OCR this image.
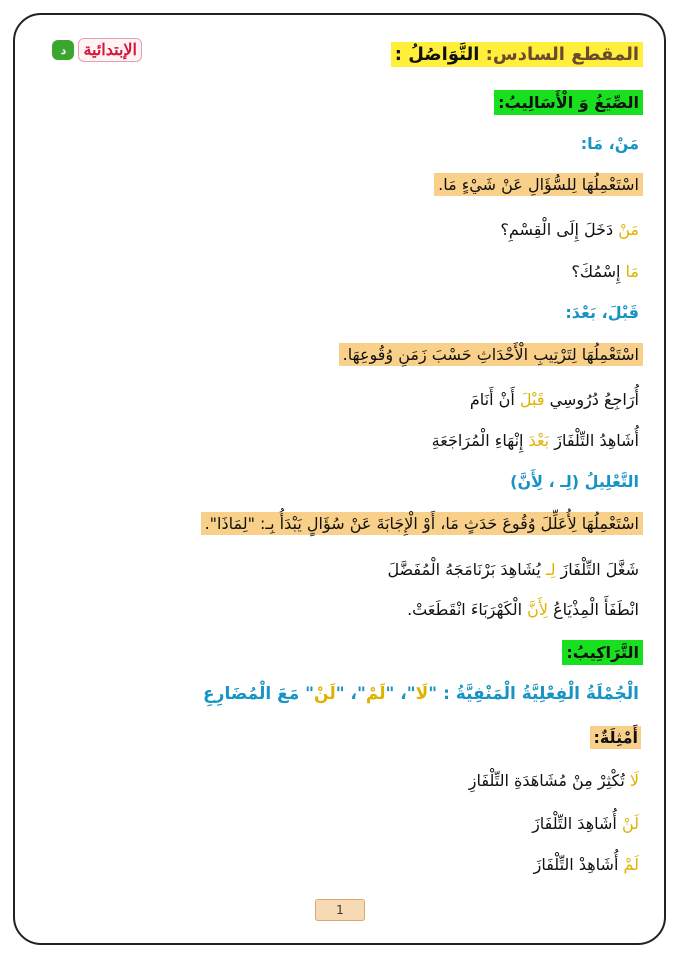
الإبتدائية
د	المقطع السادس: التَّوَاصُلُ :
الصِّيَغُ وَ الْأَسَالِيبُ:
مَنْ، مَا:
اسْتَعْمِلُهَا لِلسُّؤَالِ عَنْ شَيْءٍ مَا.
مَنْ دَخَلَ إِلَى الْقِسْمِ؟
مَا إِسْمُكَ؟
قَبْلَ، بَعْدَ:
اسْتَعْمِلُهَا لِتَرْتِيبِ الْأَحْدَاثِ حَسْبَ زَمَنِ وُقُوعِهَا.
أُرَاجِعُ دُرُوسِي قَبْلَ أَنْ أَنَامَ
أُشَاهِدُ التِّلْفَازَ بَعْدَ إِنْهَاءِ الْمُرَاجَعَةِ
التَّعْلِيلُ (لِـ ، لِأَنَّ)
اسْتَعْمِلُهَا لِأُعَلِّلَ وُقُوعَ حَدَثٍ مَا، أَوْ الْإِجَابَةَ عَنْ سُؤَالٍ يَبْدَأُ بِـ: "لِمَاذَا".
شَغَّلَ التِّلْفَازَ لِـ يُشَاهِدَ بَرْنَامَجَهُ الْمُفَضَّلَ
انْطَفَأَ الْمِذْيَاعُ لِأَنَّ الْكَهْرَبَاءَ انْقَطَعَتْ.
التَّرَاكِيبُ:
الْجُمْلَةُ الْفِعْلِيَّةُ الْمَنْفِيَّةُ : "لَا"، "لَمْ"، "لَنْ" مَعَ الْمُضَارِعِ
أَمْثِلَةٌ:
لَا تُكْثِرْ مِنْ مُشَاهَدَةِ التِّلْفَازِ
لَنْ أُشَاهِدَ التِّلْفَازَ
لَمْ أُشَاهِدْ التِّلْفَازَ
1
